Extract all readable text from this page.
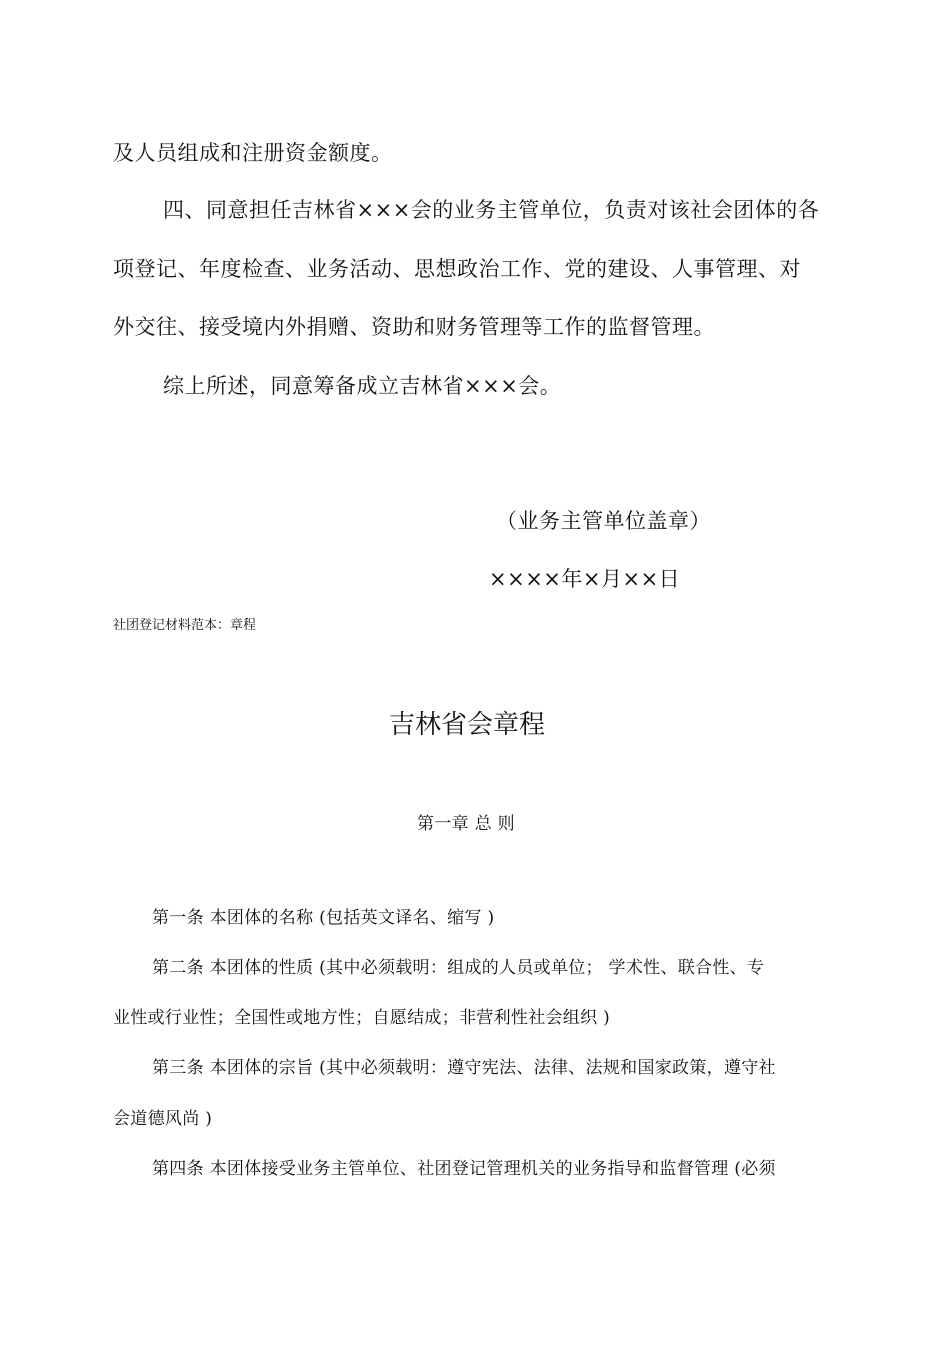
及人员组成和注册资金额度。

四、同意担任吉林省×××会的业务主管单位，负责对该社会团体的各

项登记、年度检查、业务活动、思想政治工作、党的建设、人事管理、对

外交往、接受境内外捐赠、资助和财务管理等工作的监督管理。

综上所述，同意筹备成立吉林省×××会。

（业务主管单位盖章）

××××年×月××日

社团登记材料范本：章程

吉林省会章程

第一章 总 则

第一条 本团体的名称 (包括英文译名、缩写 )

第二条 本团体的性质 (其中必须载明：组成的人员或单位； 学术性、联合性、专

业性或行业性；全国性或地方性；自愿结成；非营利性社会组织 )

第三条 本团体的宗旨 (其中必须载明：遵守宪法、法律、法规和国家政策，遵守社

会道德风尚 )

第四条 本团体接受业务主管单位、社团登记管理机关的业务指导和监督管理 (必须
